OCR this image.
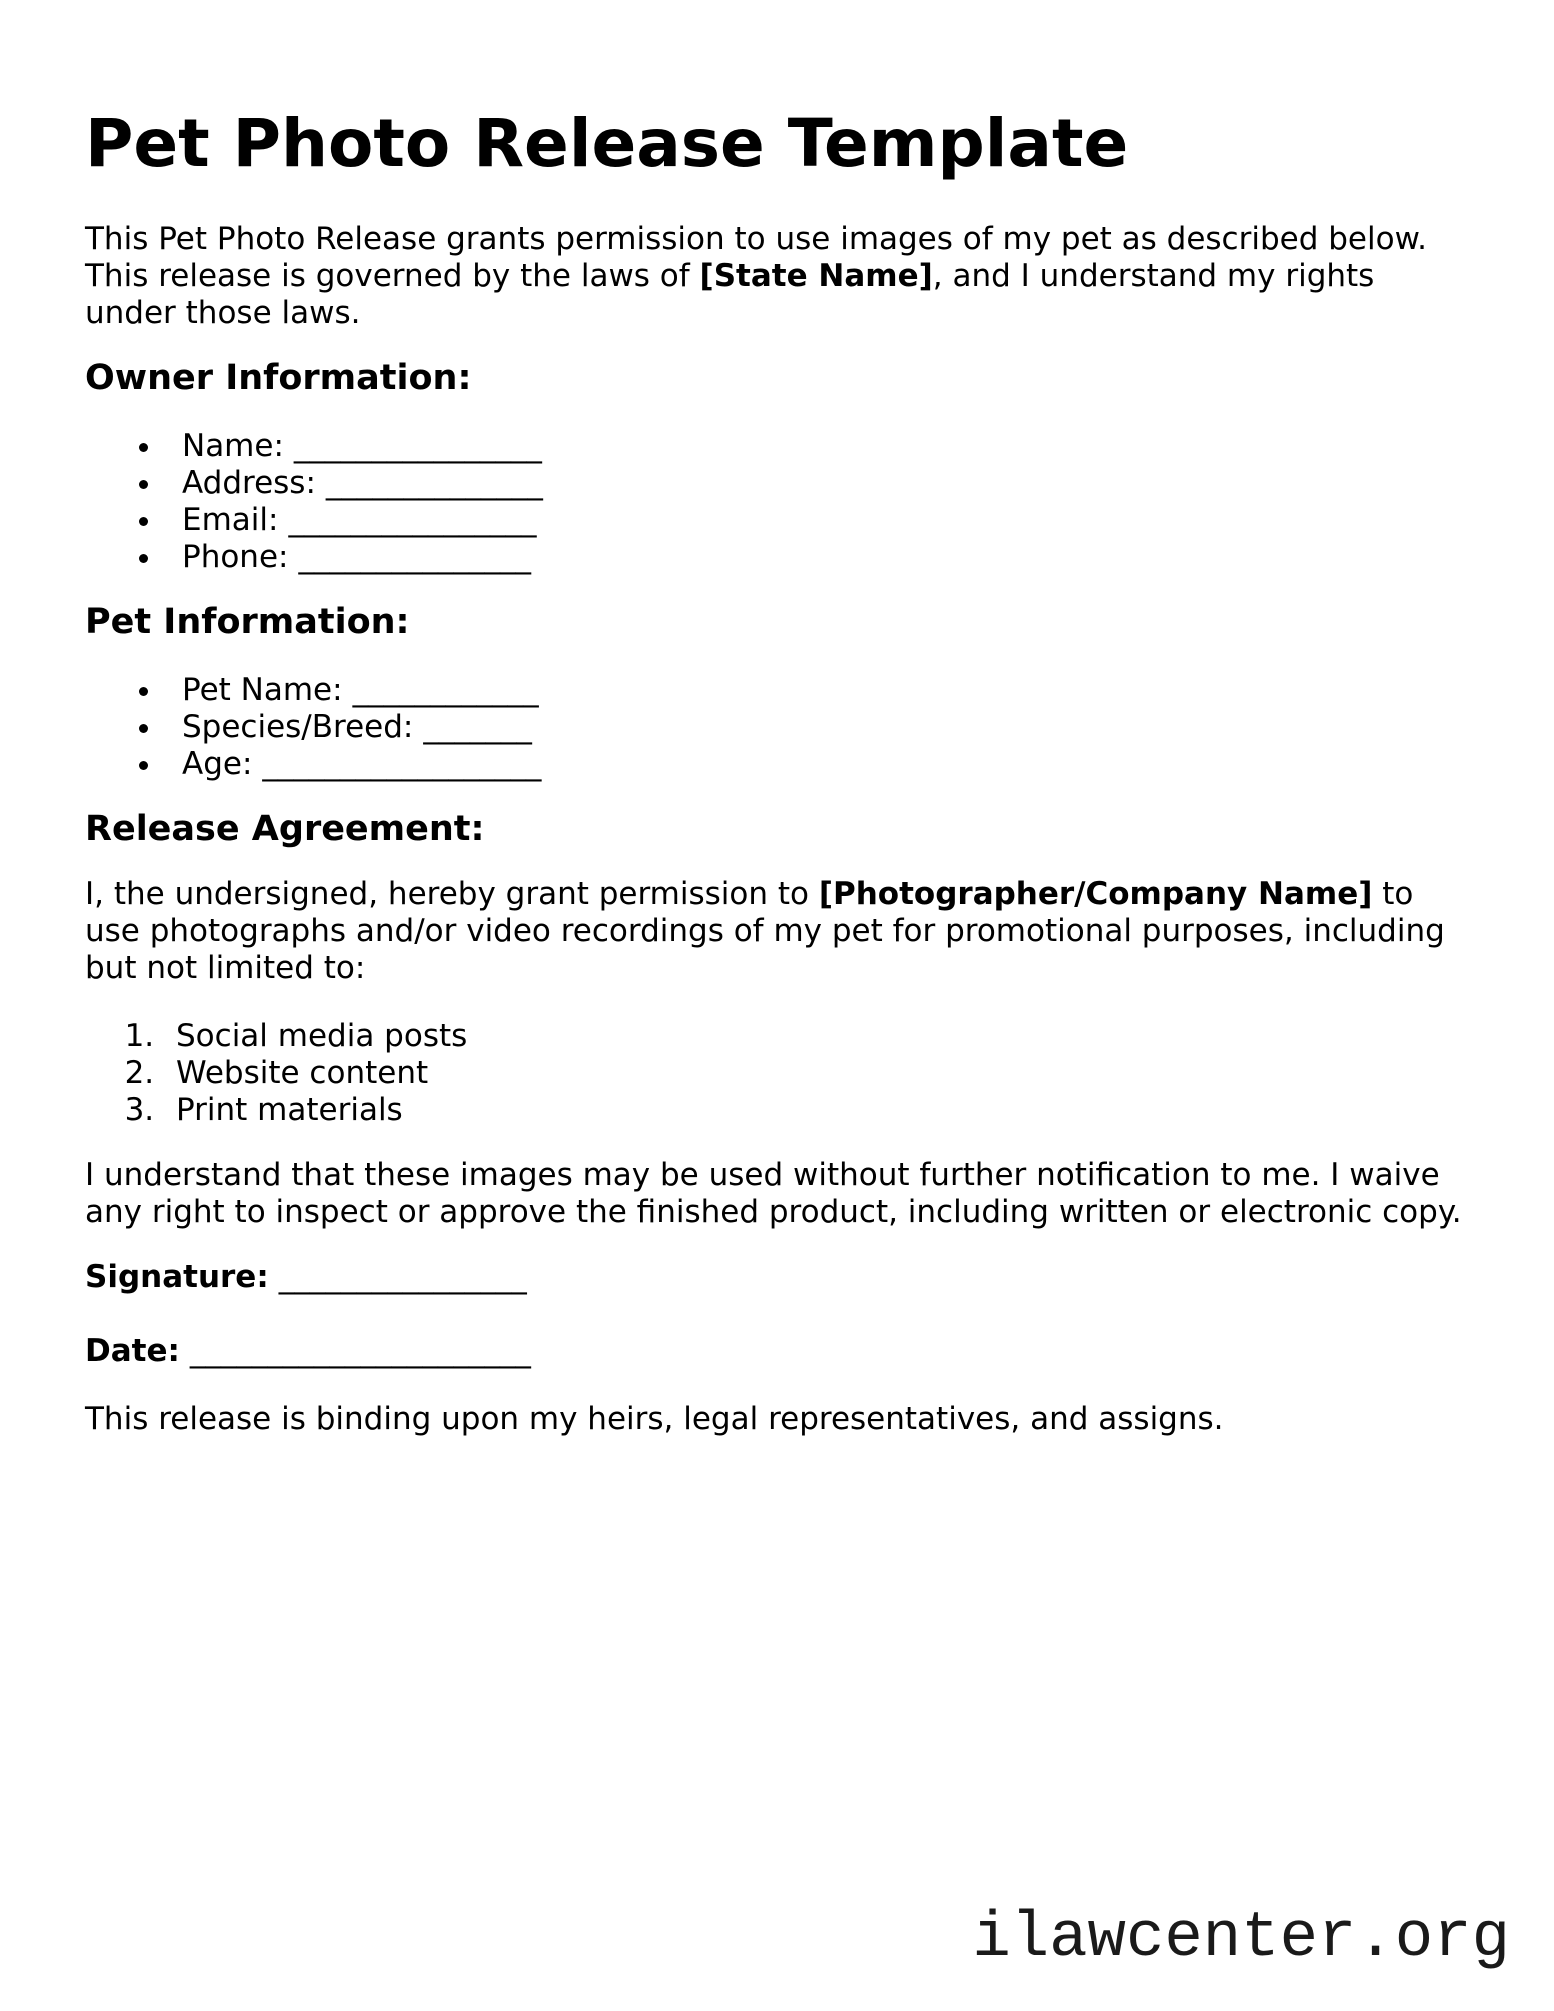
Pet Photo Release Template

This Pet Photo Release grants permission to use images of my pet as described below. This release is governed by the laws of [State Name], and I understand my rights under those laws.

Owner Information:
• Name: ________________
• Address: ______________
• Email: ________________
• Phone: _______________
Pet Information:
• Pet Name: ____________
• Species/Breed: _______
• Age: __________________
Release Agreement:

I, the undersigned, hereby grant permission to [Photographer/Company Name] to use photographs and/or video recordings of my pet for promotional purposes, including but not limited to:

1. Social media posts
2. Website content
3. Print materials

I understand that these images may be used without further notification to me. I waive any right to inspect or approve the finished product, including written or electronic copy.

Signature: ________________

Date: ______________________

This release is binding upon my heirs, legal representatives, and assigns.

ilawcenter.org
